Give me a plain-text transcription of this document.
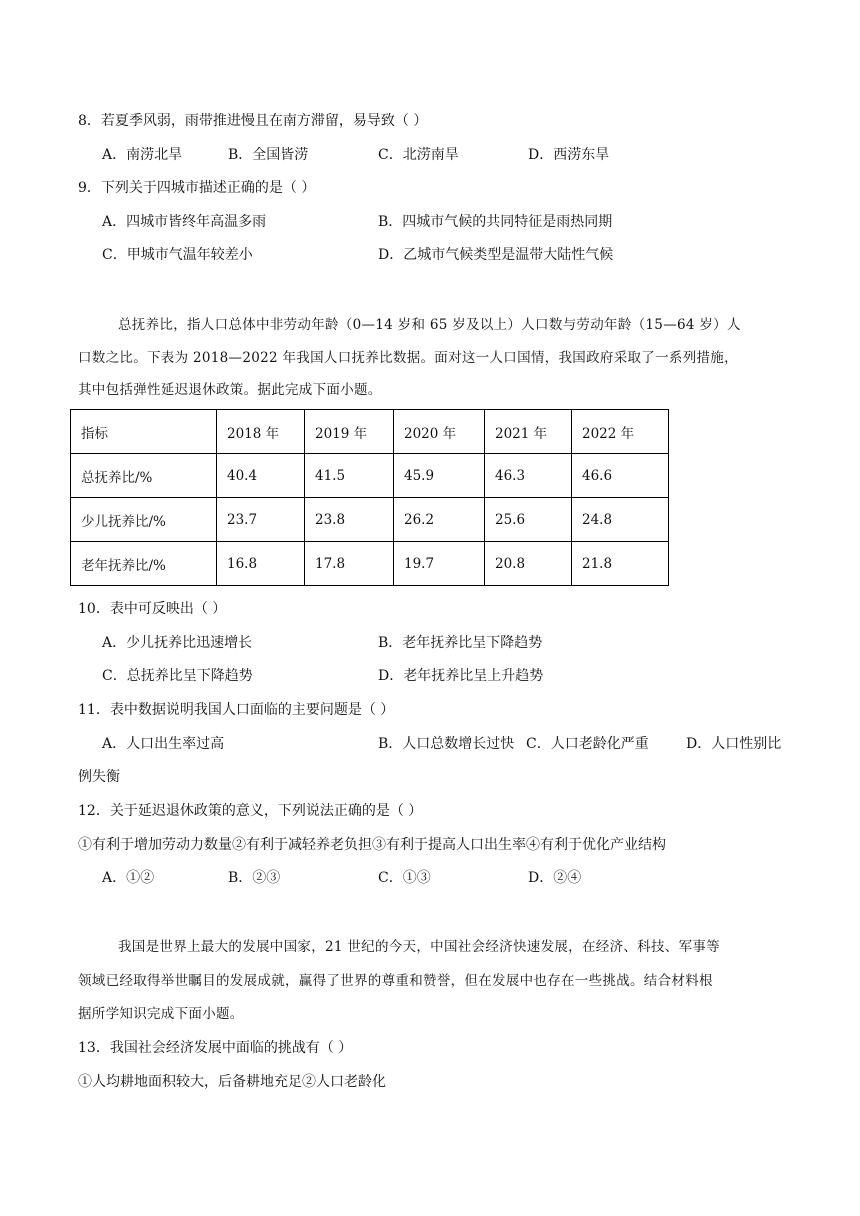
8．若夏季风弱，雨带推进慢且在南方滞留，易导致（ ）
A．南涝北旱	B．全国皆涝	C．北涝南旱	D．西涝东旱
9．下列关于四城市描述正确的是（ ）
A．四城市皆终年高温多雨	B．四城市气候的共同特征是雨热同期
C．甲城市气温年较差小	D．乙城市气候类型是温带大陆性气候
总抚养比，指人口总体中非劳动年龄（0—14 岁和 65 岁及以上）人口数与劳动年龄（15—64 岁）人
口数之比。下表为 2018—2022 年我国人口抚养比数据。面对这一人口国情，我国政府采取了一系列措施，
其中包括弹性延迟退休政策。据此完成下面小题。
指标	2018 年	2019 年	2020 年	2021 年	2022 年
总抚养比/%	40.4	41.5	45.9	46.3	46.6
少儿抚养比/%	23.7	23.8	26.2	25.6	24.8
老年抚养比/%	16.8	17.8	19.7	20.8	21.8
10．表中可反映出（ ）
A．少儿抚养比迅速增长	B．老年抚养比呈下降趋势
C．总抚养比呈下降趋势	D．老年抚养比呈上升趋势
11．表中数据说明我国人口面临的主要问题是（ ）
A．人口出生率过高	B．人口总数增长过快 C．人口老龄化严重	D．人口性别比
例失衡
12．关于延迟退休政策的意义，下列说法正确的是（ ）
①有利于增加劳动力数量②有利于减轻养老负担③有利于提高人口出生率④有利于优化产业结构
A．①②	B．②③	C．①③	D．②④
我国是世界上最大的发展中国家，21 世纪的今天，中国社会经济快速发展，在经济、科技、军事等
领域已经取得举世瞩目的发展成就，赢得了世界的尊重和赞誉，但在发展中也存在一些挑战。结合材料根
据所学知识完成下面小题。
13．我国社会经济发展中面临的挑战有（ ）
①人均耕地面积较大，后备耕地充足②人口老龄化
